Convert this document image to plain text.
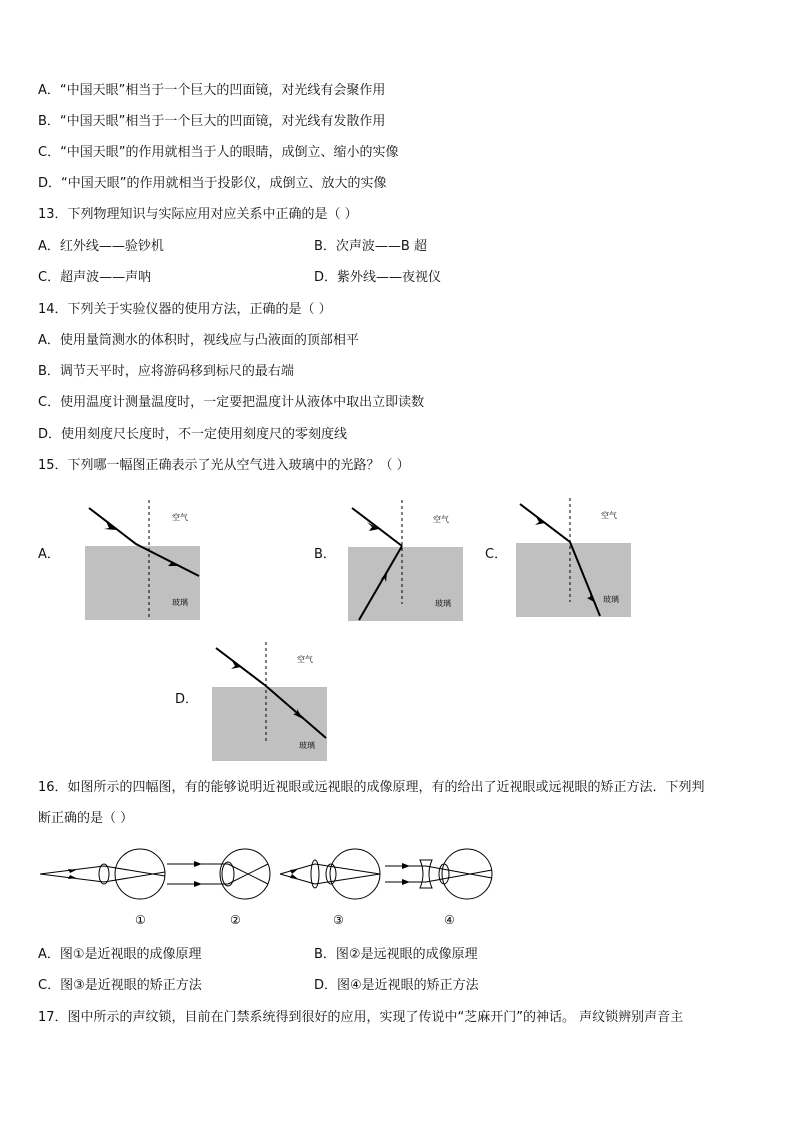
A．“中国天眼”相当于一个巨大的凹面镜，对光线有会聚作用
B．“中国天眼”相当于一个巨大的凹面镜，对光线有发散作用
C．“中国天眼”的作用就相当于人的眼睛，成倒立、缩小的实像
D．“中国天眼”的作用就相当于投影仪，成倒立、放大的实像
13．下列物理知识与实际应用对应关系中正确的是（ ）
A．红外线——验钞机	B．次声波——B 超
C．超声波——声呐	D．紫外线——夜视仪
14．下列关于实验仪器的使用方法，正确的是（ ）
A．使用量筒测水的体积时，视线应与凸液面的顶部相平
B．调节天平时，应将游码移到标尺的最右端
C．使用温度计测量温度时，一定要把温度计从液体中取出立即读数
D．使用刻度尺长度时，不一定使用刻度尺的零刻度线
15．下列哪一幅图正确表示了光从空气进入玻璃中的光路？（ ）
A．
空气
玻璃
B．
空气
玻璃
C．
空气
玻璃
D．
空气
玻璃
16．如图所示的四幅图，有的能够说明近视眼或远视眼的成像原理，有的给出了近视眼或远视眼的矫正方法．下列判
断正确的是（ ）
①	②	③	④
A．图①是近视眼的成像原理	B．图②是远视眼的成像原理
C．图③是近视眼的矫正方法	D．图④是近视眼的矫正方法
17．图中所示的声纹锁，目前在门禁系统得到很好的应用，实现了传说中“芝麻开门”的神话。 声纹锁辨别声音主
